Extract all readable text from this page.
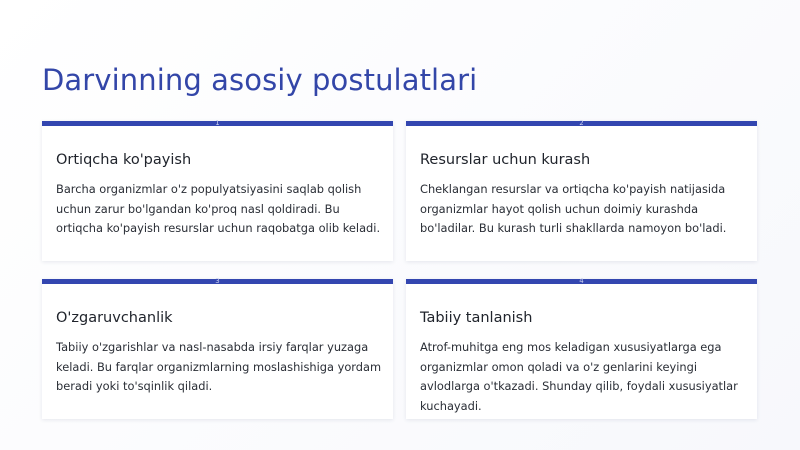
Darvinning asosiy postulatlari
1
Ortiqcha ko'payish
Barcha organizmlar o'z populyatsiyasini saqlab qolish uchun zarur bo'lgandan ko'proq nasl qoldiradi. Bu ortiqcha ko'payish resurslar uchun raqobatga olib keladi.
2
Resurslar uchun kurash
Cheklangan resurslar va ortiqcha ko'payish natijasida organizmlar hayot qolish uchun doimiy kurashda bo'ladilar. Bu kurash turli shakllarda namoyon bo'ladi.
3
O'zgaruvchanlik
Tabiiy o'zgarishlar va nasl-nasabda irsiy farqlar yuzaga keladi. Bu farqlar organizmlarning moslashishiga yordam beradi yoki to'sqinlik qiladi.
4
Tabiiy tanlanish
Atrof-muhitga eng mos keladigan xususiyatlarga ega organizmlar omon qoladi va o'z genlarini keyingi avlodlarga o'tkazadi. Shunday qilib, foydali xususiyatlar kuchayadi.
